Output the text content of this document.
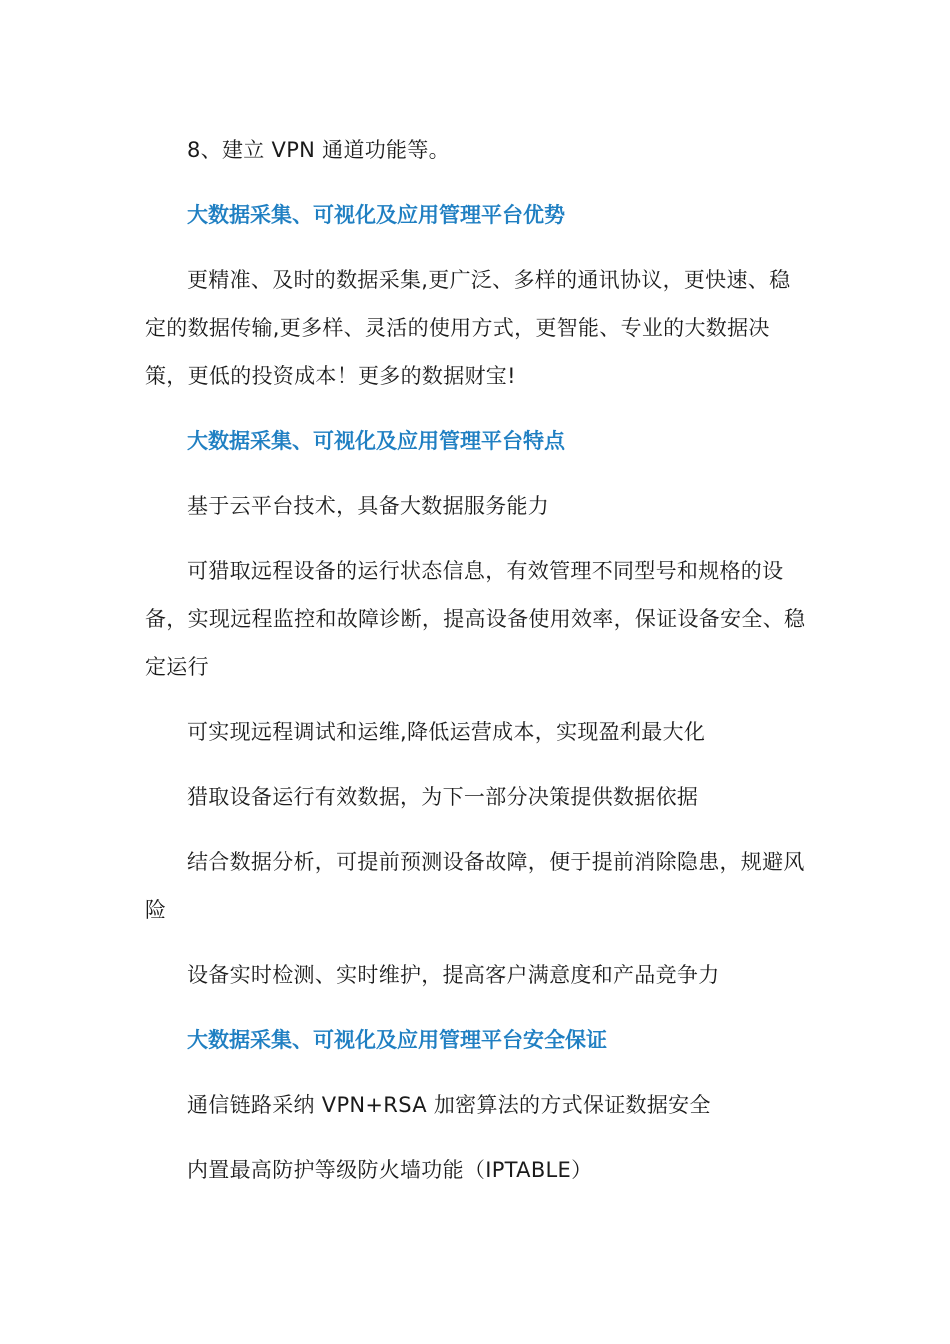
8、建立 VPN 通道功能等。

大数据采集、可视化及应用管理平台优势

更精准、及时的数据采集,更广泛、多样的通讯协议，更快速、稳定的数据传输,更多样、灵活的使用方式，更智能、专业的大数据决策，更低的投资成本！更多的数据财宝!

大数据采集、可视化及应用管理平台特点

基于云平台技术，具备大数据服务能力

可猎取远程设备的运行状态信息，有效管理不同型号和规格的设备，实现远程监控和故障诊断，提高设备使用效率，保证设备安全、稳定运行

可实现远程调试和运维,降低运营成本，实现盈利最大化

猎取设备运行有效数据，为下一部分决策提供数据依据

结合数据分析，可提前预测设备故障，便于提前消除隐患，规避风险

设备实时检测、实时维护，提高客户满意度和产品竞争力

大数据采集、可视化及应用管理平台安全保证

通信链路采纳 VPN+RSA 加密算法的方式保证数据安全

内置最高防护等级防火墙功能（IPTABLE）
